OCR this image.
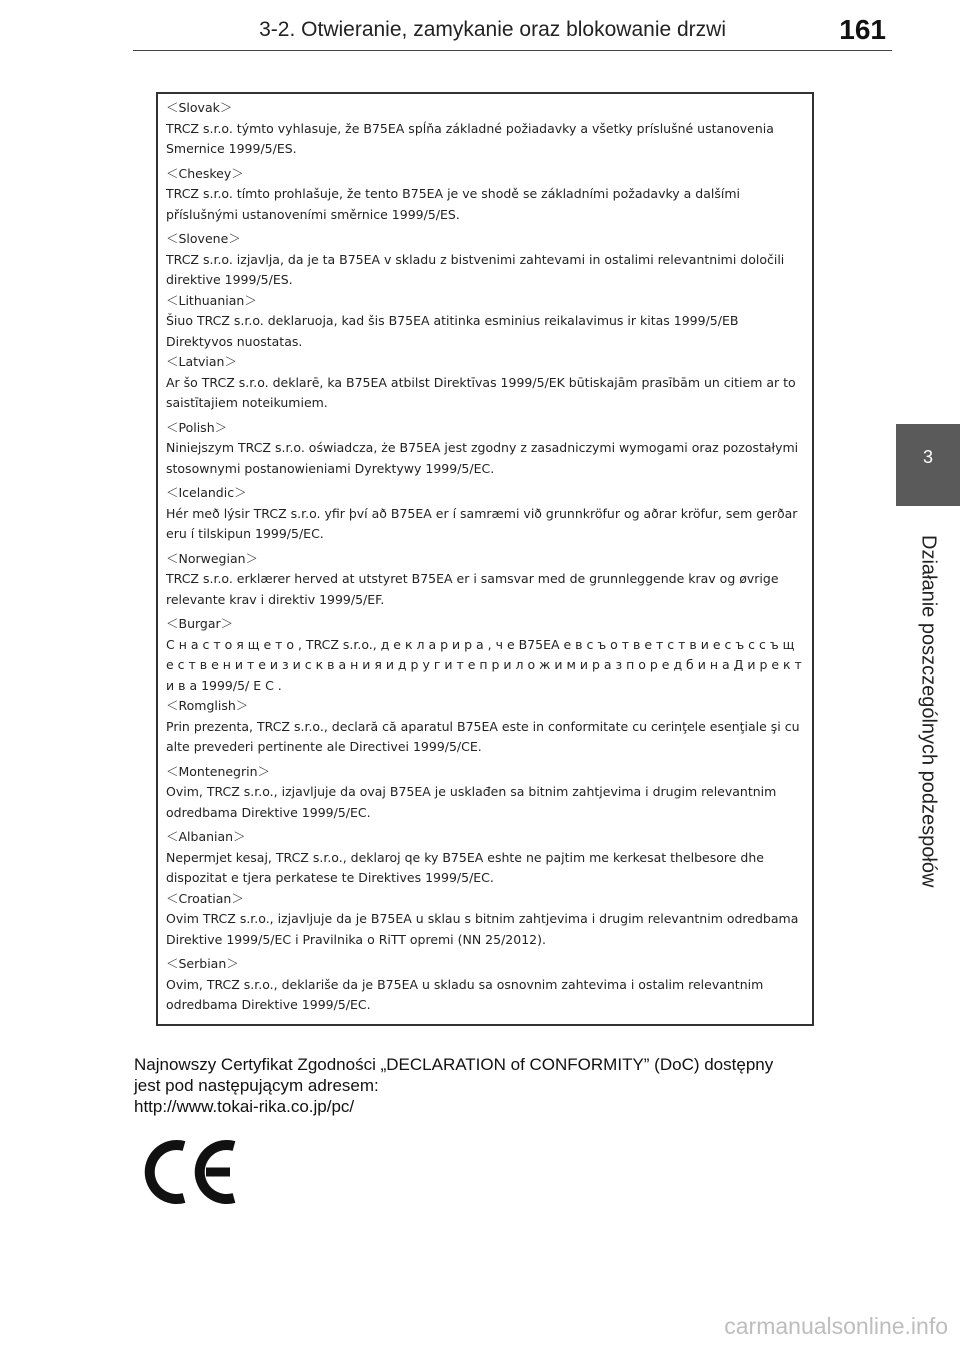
3-2. Otwieranie, zamykanie oraz blokowanie drzwi	161
3
Działanie poszczególnych podzespołów
＜Slovak＞
TRCZ s.r.o. týmto vyhlasuje, že B75EA spĺňa základné požiadavky a všetky príslušné ustanovenia Smernice 1999/5/ES.
＜Cheskey＞
TRCZ s.r.o. tímto prohlašuje, že tento B75EA je ve shodě se základními požadavky a dalšími příslušnými ustanoveními směrnice 1999/5/ES.
＜Slovene＞
TRCZ s.r.o. izjavlja, da je ta B75EA v skladu z bistvenimi zahtevami in ostalimi relevantnimi določili direktive 1999/5/ES.
＜Lithuanian＞
Šiuo TRCZ s.r.o. deklaruoja, kad šis B75EA atitinka esminius reikalavimus ir kitas 1999/5/EB Direktyvos nuostatas.
＜Latvian＞
Ar šo TRCZ s.r.o. deklarē, ka B75EA atbilst Direktīvas 1999/5/EK būtiskajām prasībām un citiem ar to saistītajiem noteikumiem.
＜Polish＞
Niniejszym TRCZ s.r.o. oświadcza, że B75EA jest zgodny z zasadniczymi wymogami oraz pozostałymi stosownymi postanowieniami Dyrektywy 1999/5/EC.
＜Icelandic＞
Hér með lýsir TRCZ s.r.o. yfir því að B75EA er í samræmi við grunnkröfur og aðrar kröfur, sem gerðar eru í tilskipun 1999/5/EC.
＜Norwegian＞
TRCZ s.r.o. erklærer herved at utstyret B75EA er i samsvar med de grunnleggende krav og øvrige relevante krav i direktiv 1999/5/EF.
＜Burgar＞
С н а с т о я щ е т о , TRCZ s.r.o., д е к л а р и р а , ч е B75EA е в с ъ о т в е т с т в и е с ъ с с ъ щ е с т в е н и т е и з и с к в а н и я и д р у г и т е п р и л о ж и м и р а з п о р е д б и н а Д и р е к т и в а 1999/5/ Е С .
＜Romglish＞
Prin prezenta, TRCZ s.r.o., declară că aparatul B75EA este in conformitate cu cerinţele esenţiale şi cu alte prevederi pertinente ale Directivei 1999/5/CE.
＜Montenegrin＞
Ovim, TRCZ s.r.o., izjavljuje da ovaj B75EA je usklađen sa bitnim zahtjevima i drugim relevantnim odredbama Direktive 1999/5/EC.
＜Albanian＞
Nepermjet kesaj, TRCZ s.r.o., deklaroj qe ky B75EA eshte ne pajtim me kerkesat thelbesore dhe dispozitat e tjera perkatese te Direktives 1999/5/EC.
＜Croatian＞
Ovim TRCZ s.r.o., izjavljuje da je B75EA u sklau s bitnim zahtjevima i drugim relevantnim odredbama Direktive 1999/5/EC i Pravilnika o RiTT opremi (NN 25/2012).
＜Serbian＞
Ovim, TRCZ s.r.o., deklariše da je B75EA u skladu sa osnovnim zahtevima i ostalim relevantnim odredbama Direktive 1999/5/EC.
Najnowszy Certyfikat Zgodności „DECLARATION of CONFORMITY” (DoC) dostępny
jest pod następującym adresem:
http://www.tokai-rika.co.jp/pc/
carmanualsonline.info
